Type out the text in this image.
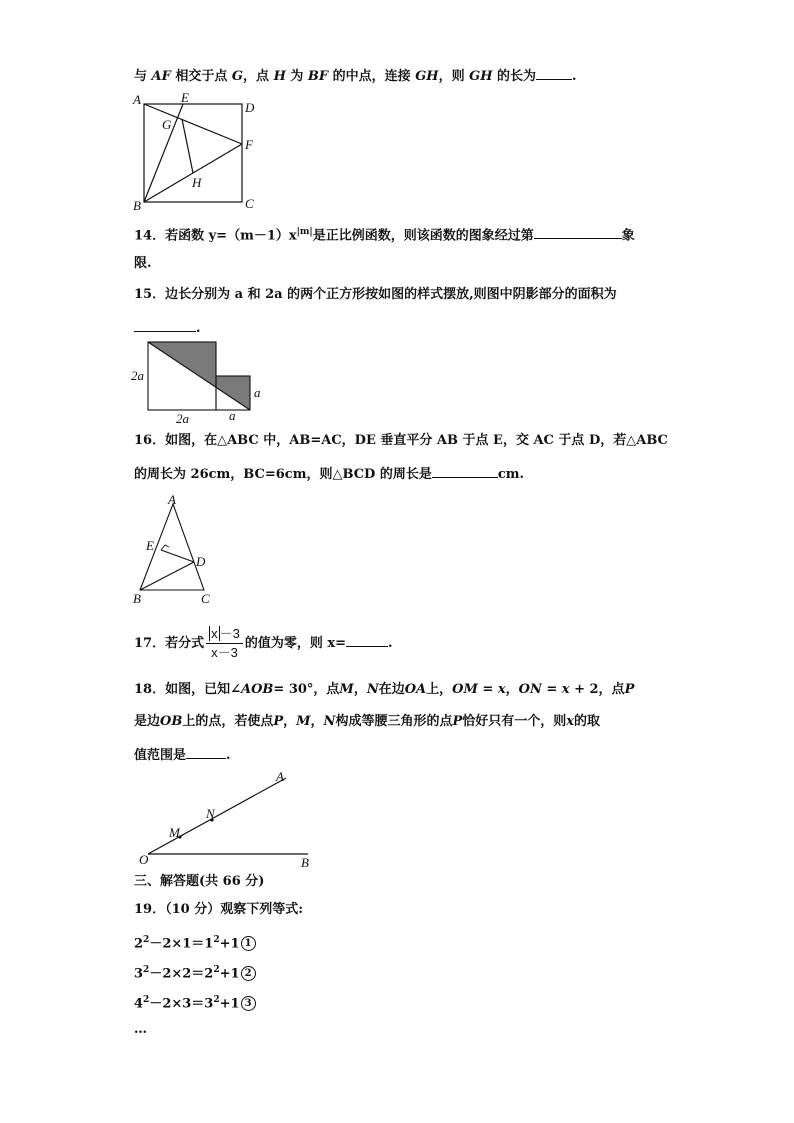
与 AF 相交于点 G，点 H 为 BF 的中点，连接 GH，则 GH 的长为	.
A	E
D
G
F
H
B	C
14．若函数 $y=(m-1)x^{|m|}$是正比例函数，则该函数的图象经过第	象
限.
15．边长分别为 a 和 2a 的两个正方形按如图的样式摆放,则图中阴影部分的面积为
.
2a
2a	a
a
16．如图，在△ABC 中，AB=AC，DE 垂直平分 AB 于点 E，交 AC 于点 D，若△ABC
的周长为 26cm，BC=6cm，则△BCD 的周长是	cm.
A
E
D
B	C
17．若分式 $\frac{x -3}{x-3}$ 的值为零，则 x=	.
18．如图，已知∠AOB= 30°，点M，N在边OA上，OM = x，ON = x + 2，点P
是边OB上的点，若使点P，M，N构成等腰三角形的点P恰好只有一个，则x的取
值范围是	.
A
N
M
O	B
三、解答题(共 66 分)
19．（10 分）观察下列等式:
$2^2-2\times 1=1^2+1$ 1
$3^2-2\times 2=2^2+1$ 2
$4^2-2\times 3=3^2+1$ 3
…
